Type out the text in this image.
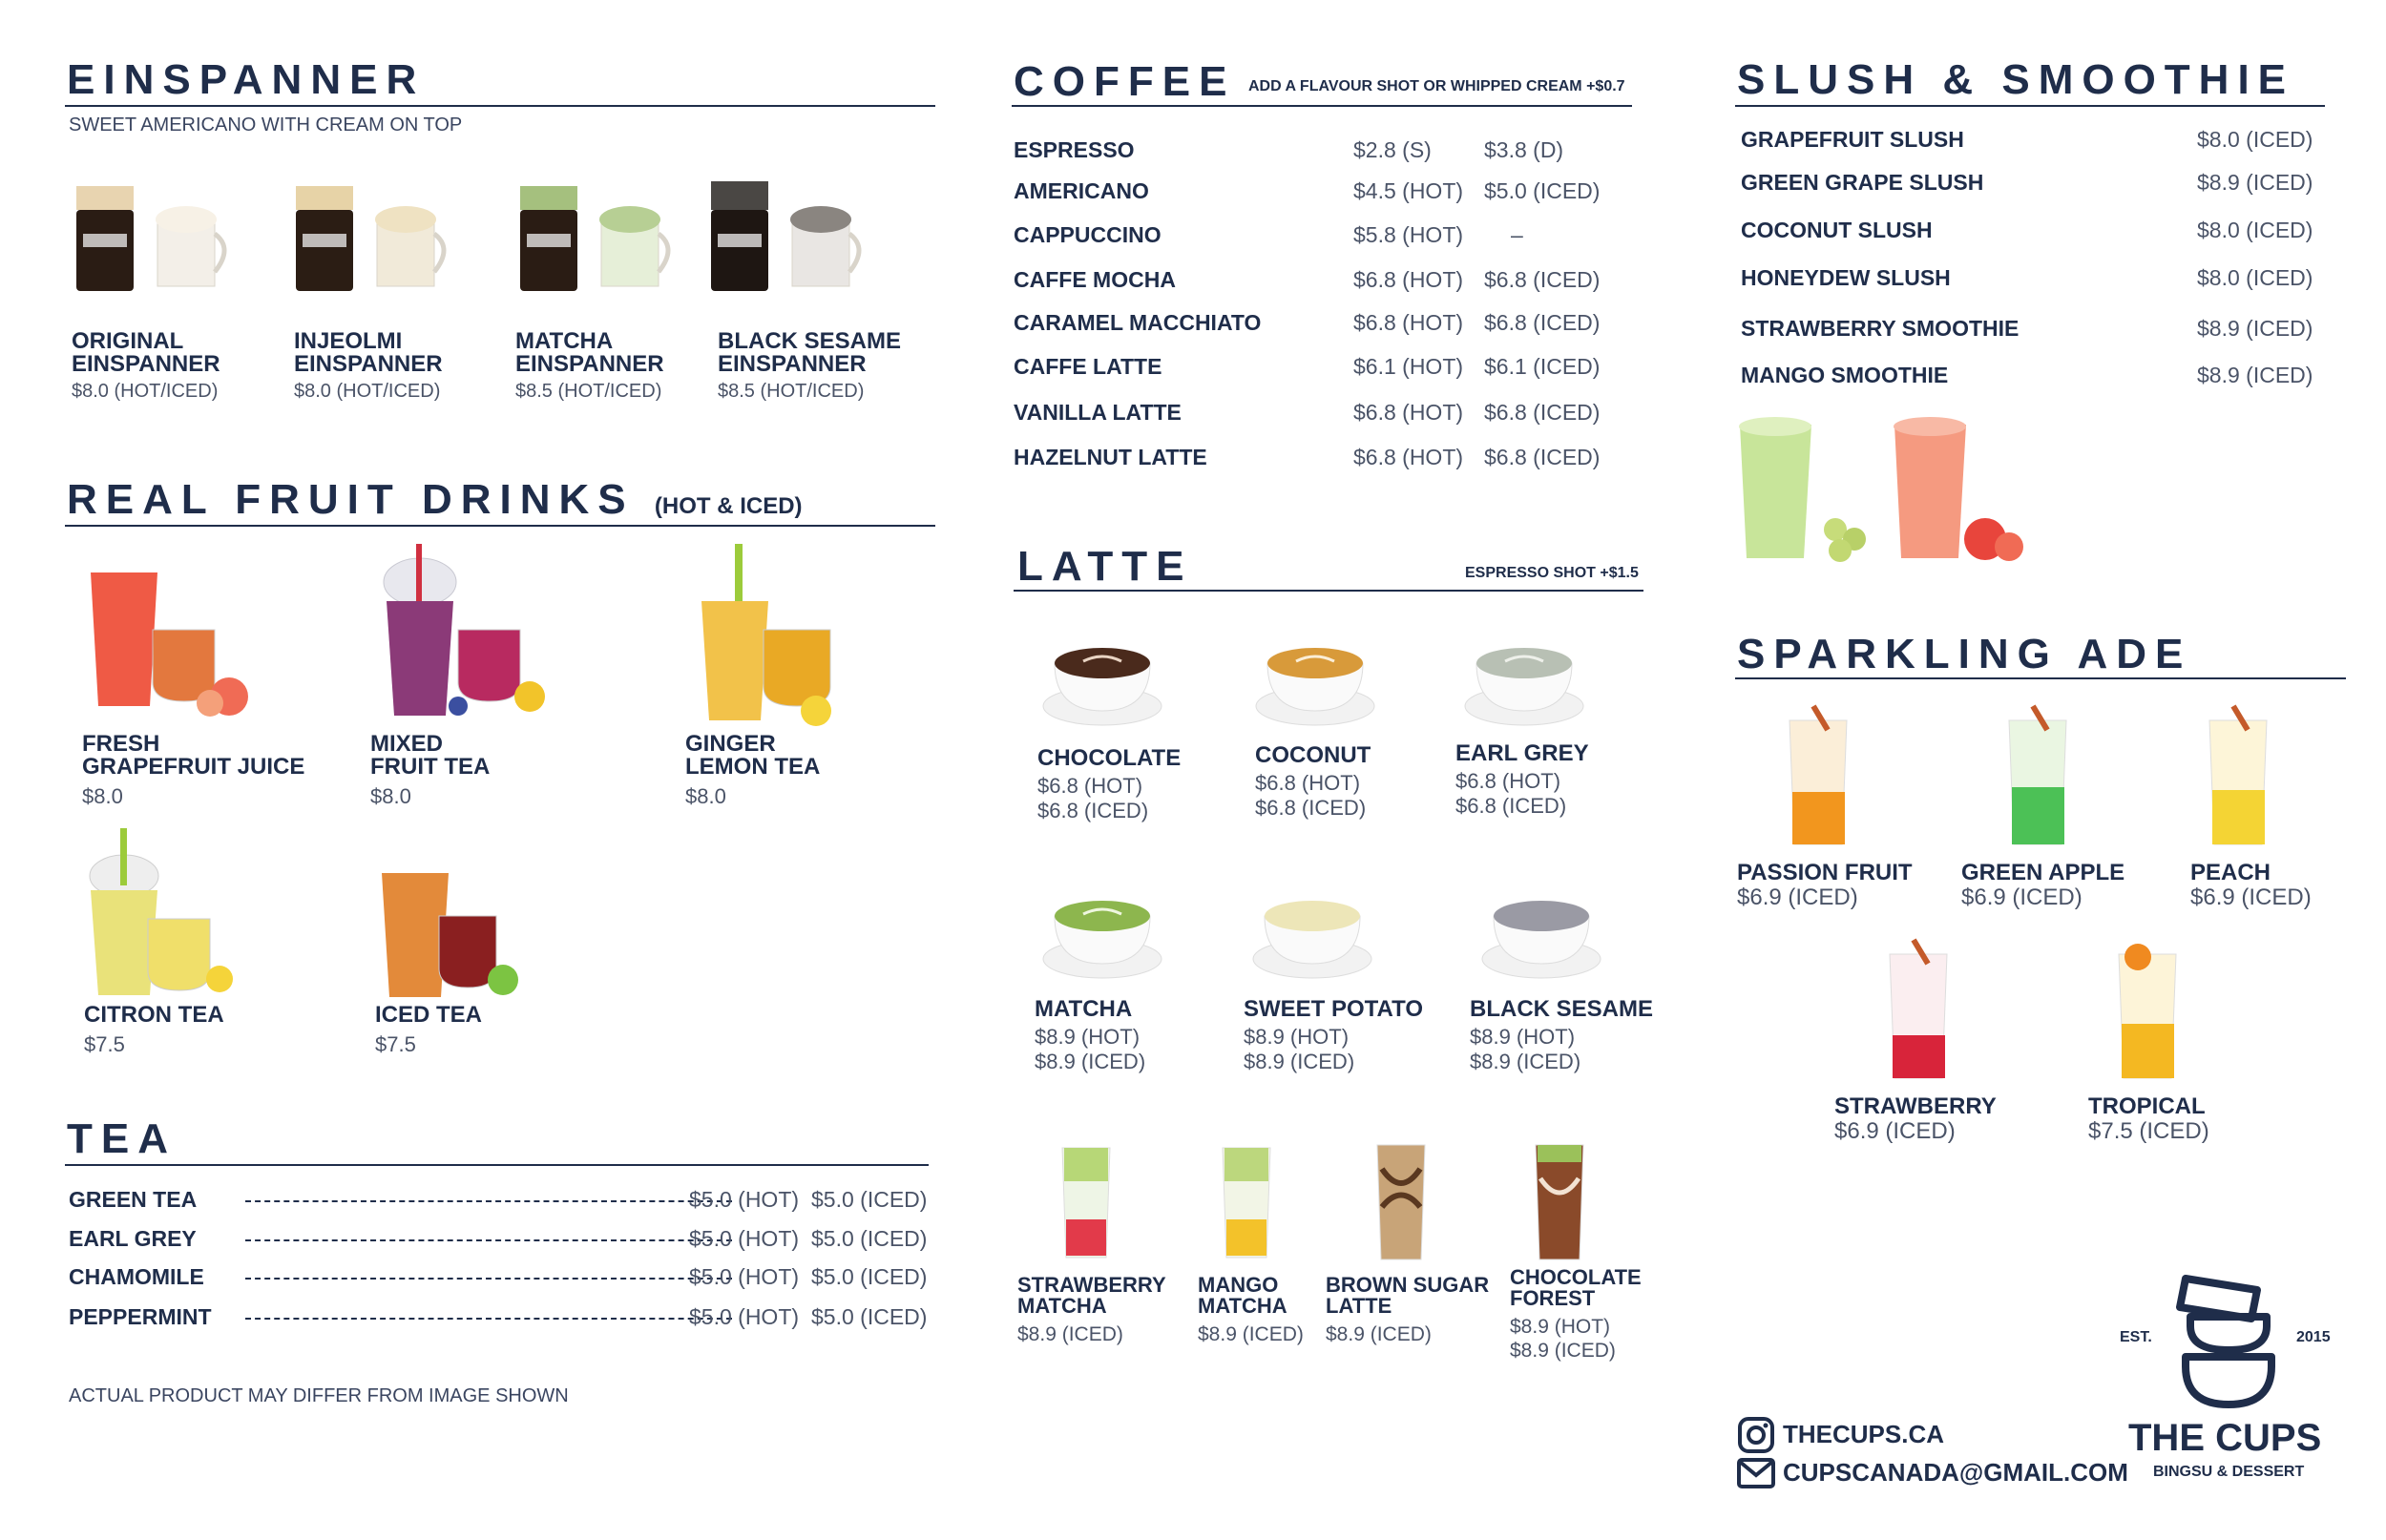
EINSPANNER
SWEET AMERICANO WITH CREAM ON TOP
ORIGINAL
EINSPANNER
$8.0 (HOT/ICED)
INJEOLMI
EINSPANNER
$8.0 (HOT/ICED)
MATCHA
EINSPANNER
$8.5 (HOT/ICED)
BLACK SESAME
EINSPANNER
$8.5 (HOT/ICED)
REAL FRUIT DRINKS (HOT & ICED)
FRESH
GRAPEFRUIT JUICE
$8.0
MIXED
FRUIT TEA
$8.0
GINGER
LEMON TEA
$8.0
CITRON TEA
$7.5
ICED TEA
$7.5
TEA
GREEN TEA	$5.0 (HOT) $5.0 (ICED)
EARL GREY	$5.0 (HOT) $5.0 (ICED)
CHAMOMILE	$5.0 (HOT) $5.0 (ICED)
PEPPERMINT	$5.0 (HOT) $5.0 (ICED)
ACTUAL PRODUCT MAY DIFFER FROM IMAGE SHOWN
COFFEE ADD A FLAVOUR SHOT OR WHIPPED CREAM +$0.7
ESPRESSO	$2.8 (S) $3.8 (D)
AMERICANO	$4.5 (HOT) $5.0 (ICED)
CAPPUCCINO	$5.8 (HOT)	–
CAFFE MOCHA	$6.8 (HOT) $6.8 (ICED)
CARAMEL MACCHIATO	$6.8 (HOT) $6.8 (ICED)
CAFFE LATTE	$6.1 (HOT) $6.1 (ICED)
VANILLA LATTE	$6.8 (HOT) $6.8 (ICED)
HAZELNUT LATTE	$6.8 (HOT) $6.8 (ICED)
LATTE	ESPRESSO SHOT +$1.5
CHOCOLATE
$6.8 (HOT)
$6.8 (ICED)
COCONUT
$6.8 (HOT)
$6.8 (ICED)
EARL GREY
$6.8 (HOT)
$6.8 (ICED)
MATCHA
$8.9 (HOT)
$8.9 (ICED)
SWEET POTATO
$8.9 (HOT)
$8.9 (ICED)
BLACK SESAME
$8.9 (HOT)
$8.9 (ICED)
STRAWBERRY
MATCHA
$8.9 (ICED)
MANGO
MATCHA
$8.9 (ICED)
BROWN SUGAR
LATTE
$8.9 (ICED)
CHOCOLATE
FOREST
$8.9 (HOT)
$8.9 (ICED)
SLUSH & SMOOTHIE
GRAPEFRUIT SLUSH	$8.0 (ICED)
GREEN GRAPE SLUSH	$8.9 (ICED)
COCONUT SLUSH	$8.0 (ICED)
HONEYDEW SLUSH	$8.0 (ICED)
STRAWBERRY SMOOTHIE	$8.9 (ICED)
MANGO SMOOTHIE	$8.9 (ICED)
SPARKLING ADE
PASSION FRUIT
$6.9 (ICED)
GREEN APPLE
$6.9 (ICED)
PEACH
$6.9 (ICED)
STRAWBERRY
$6.9 (ICED)
TROPICAL
$7.5 (ICED)
THECUPS.CA
CUPSCANADA@GMAIL.COM
EST.	2015
THE CUPS
BINGSU & DESSERT
